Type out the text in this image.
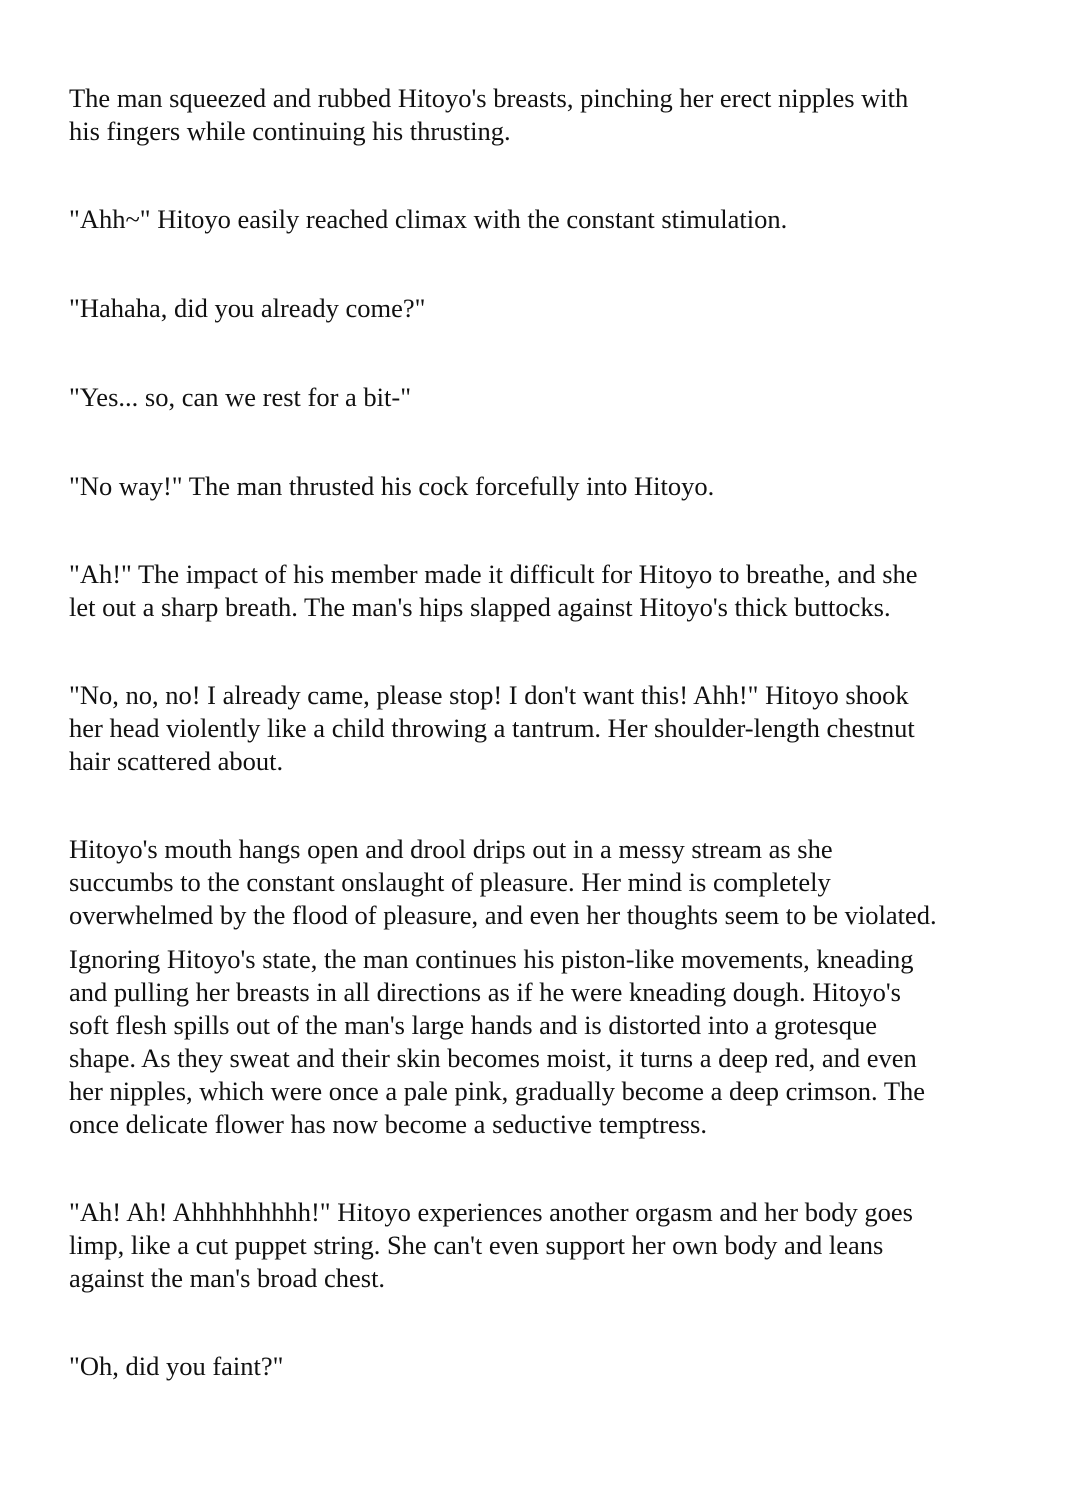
The man squeezed and rubbed Hitoyo's breasts, pinching her erect nipples with
his fingers while continuing his thrusting.
"Ahh~" Hitoyo easily reached climax with the constant stimulation.
"Hahaha, did you already come?"
"Yes... so, can we rest for a bit-"
"No way!" The man thrusted his cock forcefully into Hitoyo.
"Ah!" The impact of his member made it difficult for Hitoyo to breathe, and she
let out a sharp breath. The man's hips slapped against Hitoyo's thick buttocks.
"No, no, no! I already came, please stop! I don't want this! Ahh!" Hitoyo shook
her head violently like a child throwing a tantrum. Her shoulder-length chestnut
hair scattered about.
Hitoyo's mouth hangs open and drool drips out in a messy stream as she
succumbs to the constant onslaught of pleasure. Her mind is completely
overwhelmed by the flood of pleasure, and even her thoughts seem to be violated.
Ignoring Hitoyo's state, the man continues his piston-like movements, kneading
and pulling her breasts in all directions as if he were kneading dough. Hitoyo's
soft flesh spills out of the man's large hands and is distorted into a grotesque
shape. As they sweat and their skin becomes moist, it turns a deep red, and even
her nipples, which were once a pale pink, gradually become a deep crimson. The
once delicate flower has now become a seductive temptress.
"Ah! Ah! Ahhhhhhhhh!" Hitoyo experiences another orgasm and her body goes
limp, like a cut puppet string. She can't even support her own body and leans
against the man's broad chest.
"Oh, did you faint?"
